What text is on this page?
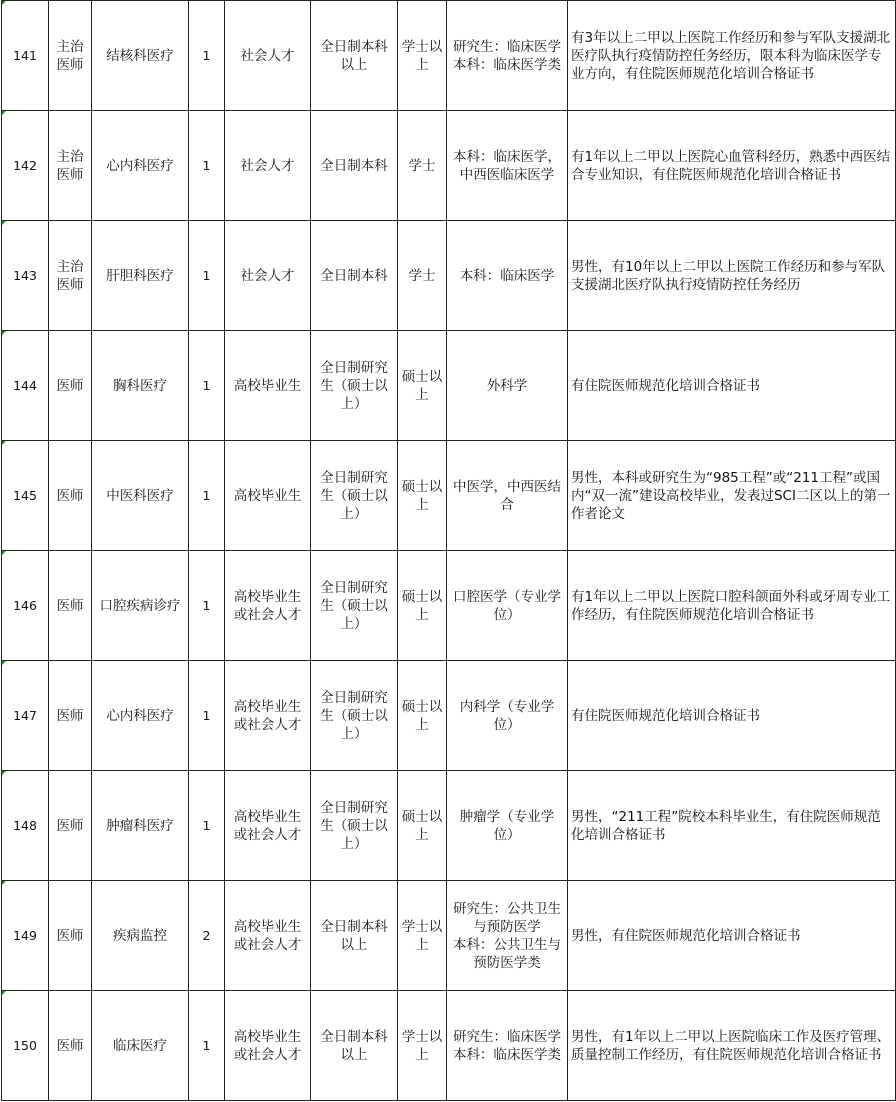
141	主治医师	结核科医疗	1	社会人才	全日制本科以上	学士以上	研究生：临床医学
本科：临床医学类	有3年以上二甲以上医院工作经历和参与军队支援湖北医疗队执行疫情防控任务经历，限本科为临床医学专业方向，有住院医师规范化培训合格证书

142	主治医师	心内科医疗	1	社会人才	全日制本科	学士	本科：临床医学，中西医临床医学	有1年以上二甲以上医院心血管科经历，熟悉中西医结合专业知识，有住院医师规范化培训合格证书

143	主治医师	肝胆科医疗	1	社会人才	全日制本科	学士	本科：临床医学	男性，有10年以上二甲以上医院工作经历和参与军队支援湖北医疗队执行疫情防控任务经历

144	医师	胸科医疗	1	高校毕业生	全日制研究生（硕士以上）	硕士以上	外科学	有住院医师规范化培训合格证书

145	医师	中医科医疗	1	高校毕业生	全日制研究生（硕士以上）	硕士以上	中医学，中西医结合	男性，本科或研究生为“985工程”或“211工程”或国内“双一流”建设高校毕业，发表过SCI二区以上的第一作者论文

146	医师	口腔疾病诊疗	1	高校毕业生或社会人才	全日制研究生（硕士以上）	硕士以上	口腔医学（专业学位）	有1年以上二甲以上医院口腔科颌面外科或牙周专业工作经历，有住院医师规范化培训合格证书

147	医师	心内科医疗	1	高校毕业生或社会人才	全日制研究生（硕士以上）	硕士以上	内科学（专业学位）	有住院医师规范化培训合格证书

148	医师	肿瘤科医疗	1	高校毕业生或社会人才	全日制研究生（硕士以上）	硕士以上	肿瘤学（专业学位）	男性，“211工程”院校本科毕业生，有住院医师规范化培训合格证书

149	医师	疾病监控	2	高校毕业生或社会人才	全日制本科以上	学士以上	研究生：公共卫生与预防医学
本科：公共卫生与预防医学类	男性，有住院医师规范化培训合格证书

150	医师	临床医疗	1	高校毕业生或社会人才	全日制本科以上	学士以上	研究生：临床医学
本科：临床医学类	男性，有1年以上二甲以上医院临床工作及医疗管理、质量控制工作经历，有住院医师规范化培训合格证书
